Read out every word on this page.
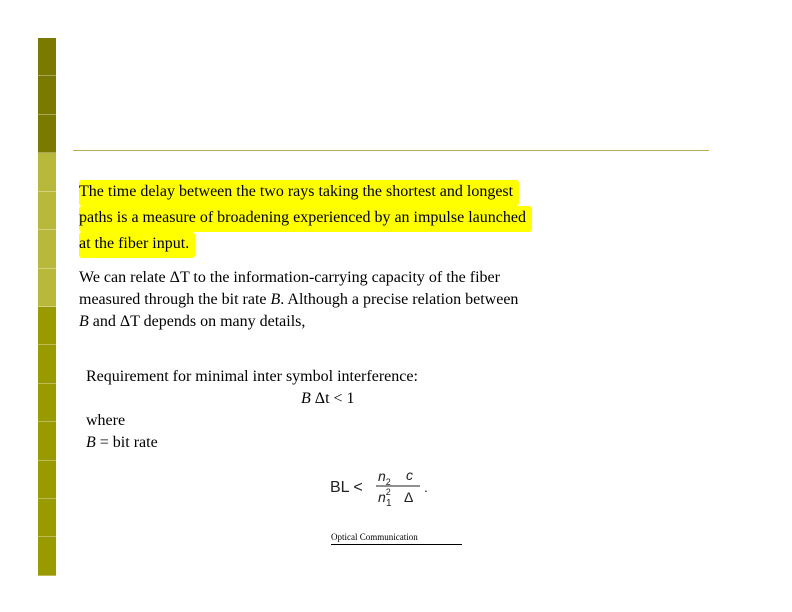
The time delay between the two rays taking the shortest and longest
paths is a measure of broadening experienced by an impulse launched
at the fiber input.
We can relate ΔT to the information-carrying capacity of the fiber
measured through the bit rate B. Although a precise relation between
B and ΔT depends on many details,
Requirement for minimal inter symbol interference:
B Δt < 1
where
B = bit rate
BL <
$n_2$ c
$n^2$
1 Δ
.
Optical Communication
